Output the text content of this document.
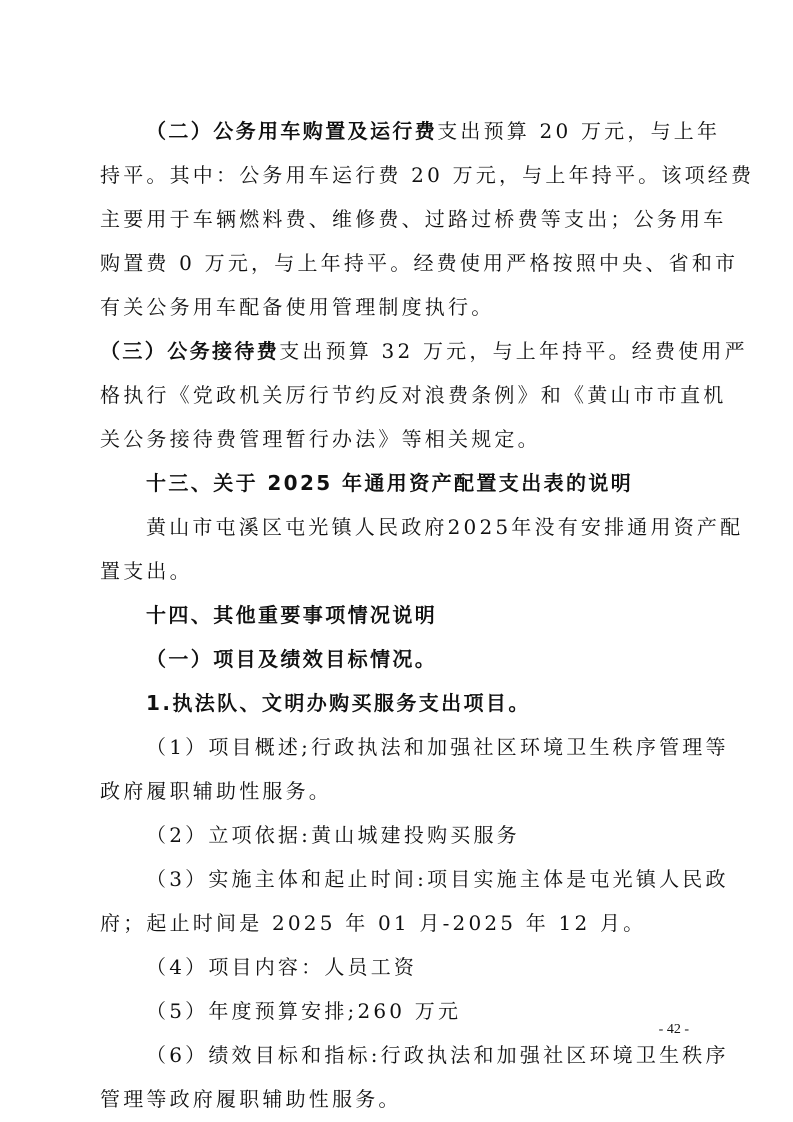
（二）公务用车购置及运行费支出预算 20 万元，与上年
持平。其中：公务用车运行费 20 万元，与上年持平。该项经费
主要用于车辆燃料费、维修费、过路过桥费等支出；公务用车
购置费 0 万元，与上年持平。经费使用严格按照中央、省和市
有关公务用车配备使用管理制度执行。
（三）公务接待费支出预算 32 万元，与上年持平。经费使用严
格执行《党政机关厉行节约反对浪费条例》和《黄山市市直机
关公务接待费管理暂行办法》等相关规定。
十三、关于 2025 年通用资产配置支出表的说明
黄山市屯溪区屯光镇人民政府2025年没有安排通用资产配
置支出。
十四、其他重要事项情况说明
（一）项目及绩效目标情况。
1.执法队、文明办购买服务支出项目。
（1）项目概述;行政执法和加强社区环境卫生秩序管理等
政府履职辅助性服务。
（2）立项依据:黄山城建投购买服务
（3）实施主体和起止时间:项目实施主体是屯光镇人民政
府；起止时间是 2025 年 01 月-2025 年 12 月。
（4）项目内容：人员工资
（5）年度预算安排;260 万元
（6）绩效目标和指标:行政执法和加强社区环境卫生秩序
管理等政府履职辅助性服务。
- 42 -
